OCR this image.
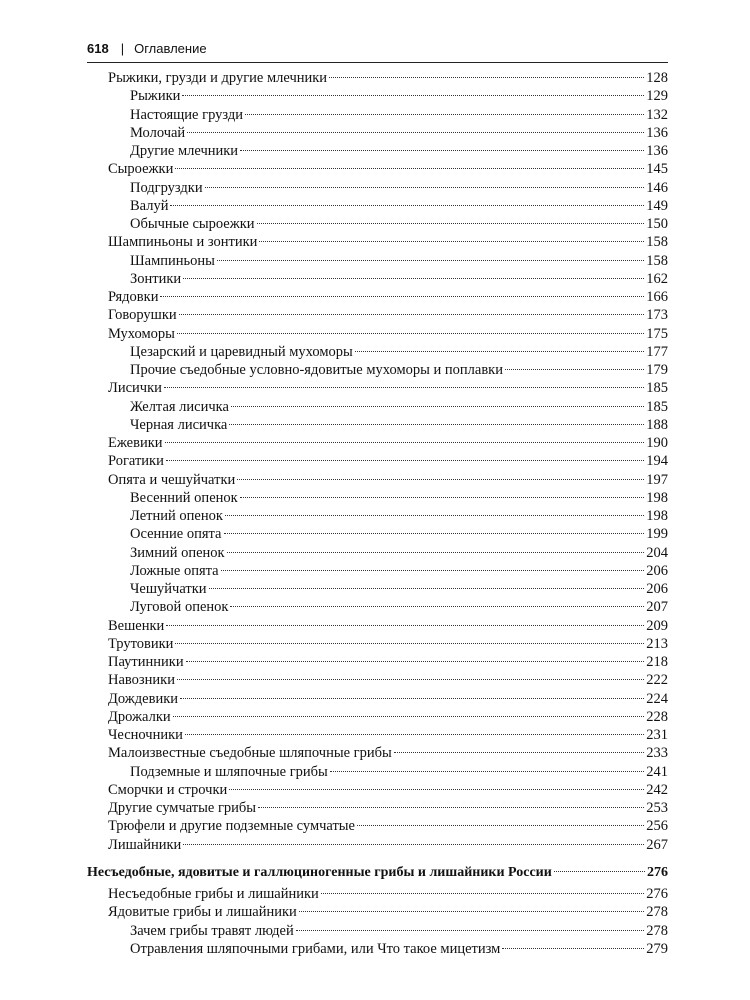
618 | Оглавление
Рыжики, грузди и другие млечники	128
Рыжики	129
Настоящие грузди	132
Молочай	136
Другие млечники	136
Сыроежки	145
Подгруздки	146
Валуй	149
Обычные сыроежки	150
Шампиньоны и зонтики	158
Шампиньоны	158
Зонтики	162
Рядовки	166
Говорушки	173
Мухоморы	175
Цезарский и царевидный мухоморы	177
Прочие съедобные условно-ядовитые мухоморы и поплавки	179
Лисички	185
Желтая лисичка	185
Черная лисичка	188
Ежевики	190
Рогатики	194
Опята и чешуйчатки	197
Весенний опенок	198
Летний опенок	198
Осенние опята	199
Зимний опенок	204
Ложные опята	206
Чешуйчатки	206
Луговой опенок	207
Вешенки	209
Трутовики	213
Паутинники	218
Навозники	222
Дождевики	224
Дрожалки	228
Чесночники	231
Малоизвестные съедобные шляпочные грибы	233
Подземные и шляпочные грибы	241
Сморчки и строчки	242
Другие сумчатые грибы	253
Трюфели и другие подземные сумчатые	256
Лишайники	267
Несъедобные, ядовитые и галлюциногенные грибы и лишайники России	276
Несъедобные грибы и лишайники	276
Ядовитые грибы и лишайники	278
Зачем грибы травят людей	278
Отравления шляпочными грибами, или Что такое мицетизм	279
